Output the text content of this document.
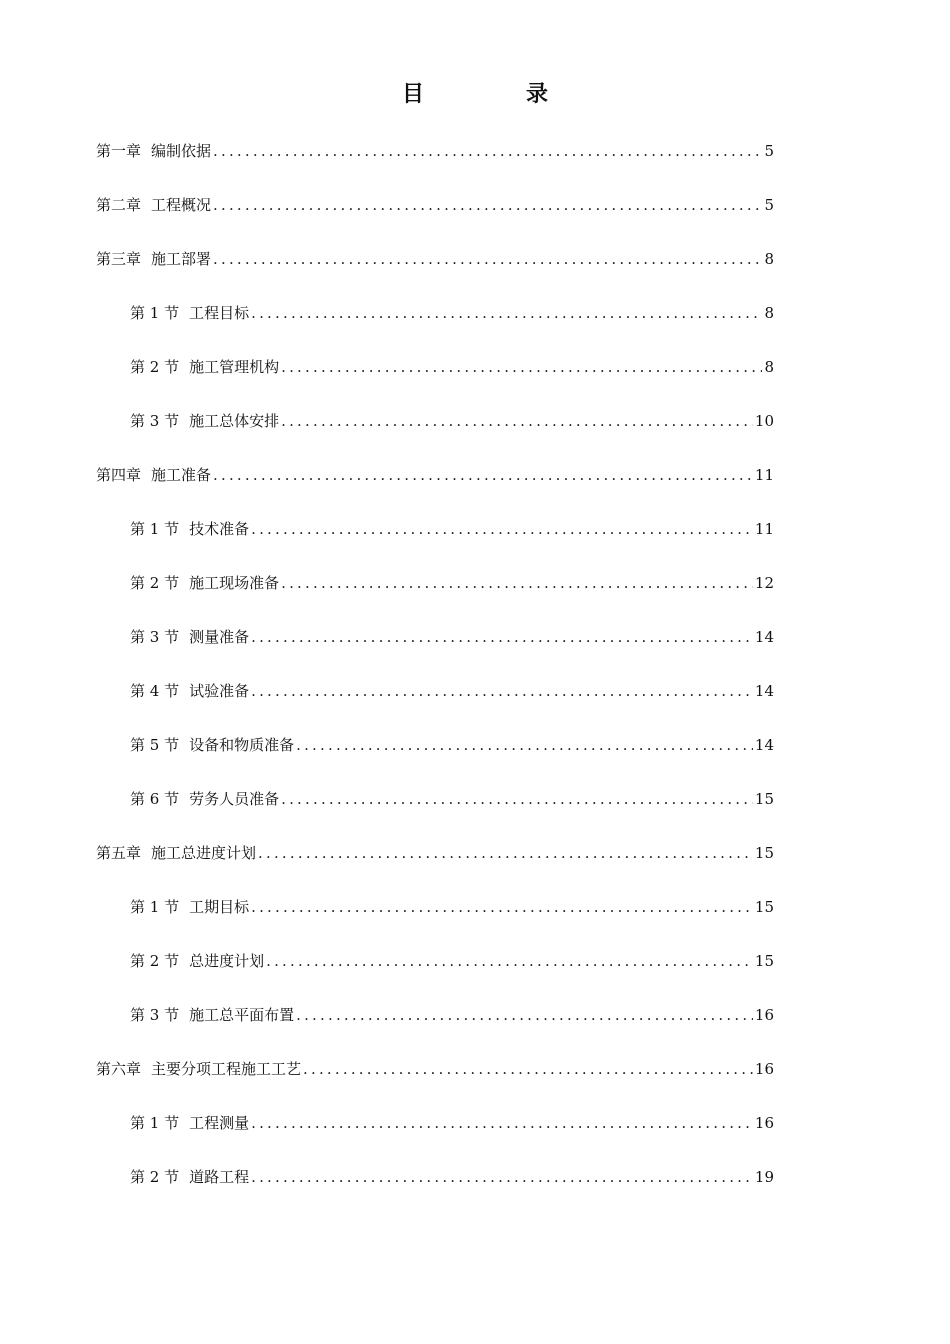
目　录
第一章 编制依据 .....	5
第二章 工程概况 .....	5
第三章 施工部署 .....	8
第 1 节 工程目标 .....	8
第 2 节 施工管理机构 .....	8
第 3 节 施工总体安排 .....	10
第四章 施工准备 .....	11
第 1 节 技术准备 .....	11
第 2 节 施工现场准备 .....	12
第 3 节 测量准备 .....	14
第 4 节 试验准备 .....	14
第 5 节 设备和物质准备 .....	14
第 6 节 劳务人员准备 .....	15
第五章 施工总进度计划 .....	15
第 1 节 工期目标 .....	15
第 2 节 总进度计划 .....	15
第 3 节 施工总平面布置 .....	16
第六章 主要分项工程施工工艺 .....	16
第 1 节 工程测量 .....	16
第 2 节 道路工程 .....	19
